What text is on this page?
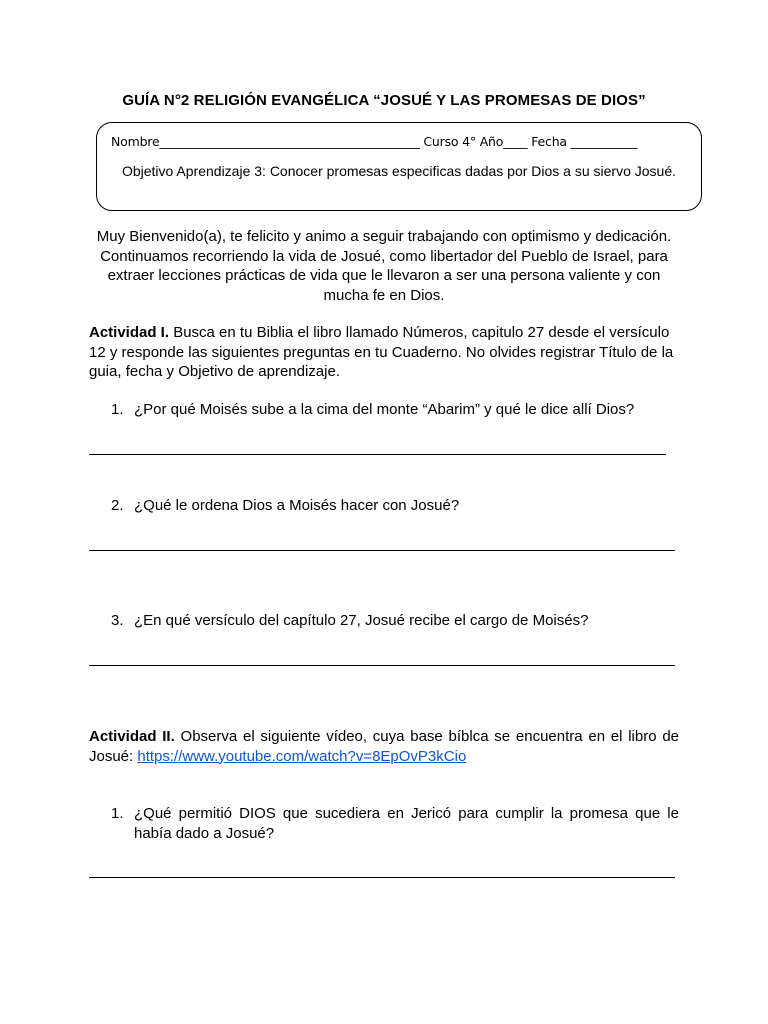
GUÍA N°2 RELIGIÓN EVANGÉLICA “JOSUÉ Y LAS PROMESAS DE DIOS”
Nombre___________________________________________ Curso 4° Año____ Fecha ___________
Objetivo Aprendizaje 3: Conocer promesas especificas dadas por Dios a su siervo Josué.
Muy Bienvenido(a), te felicito y animo a seguir trabajando con optimismo y dedicación. Continuamos recorriendo la vida de Josué, como libertador del Pueblo de Israel, para extraer lecciones prácticas de vida que le llevaron a ser una persona valiente y con mucha fe en Dios.
Actividad I. Busca en tu Biblia el libro llamado Números, capitulo 27 desde el versículo 12 y responde las siguientes preguntas en tu Cuaderno. No olvides registrar Título de la guia, fecha y Objetivo de aprendizaje.
1. ¿Por qué Moisés sube a la cima del monte “Abarim” y qué le dice allí Dios?
2. ¿Qué le ordena Dios a Moisés hacer con Josué?
3. ¿En qué versículo del capítulo 27, Josué recibe el cargo de Moisés?
Actividad II. Observa el siguiente vídeo, cuya base bíblca se encuentra en el libro de Josué: https://www.youtube.com/watch?v=8EpOvP3kCio
1. ¿Qué permitió DIOS que sucediera en Jericó para cumplir la promesa que le había dado a Josué?
